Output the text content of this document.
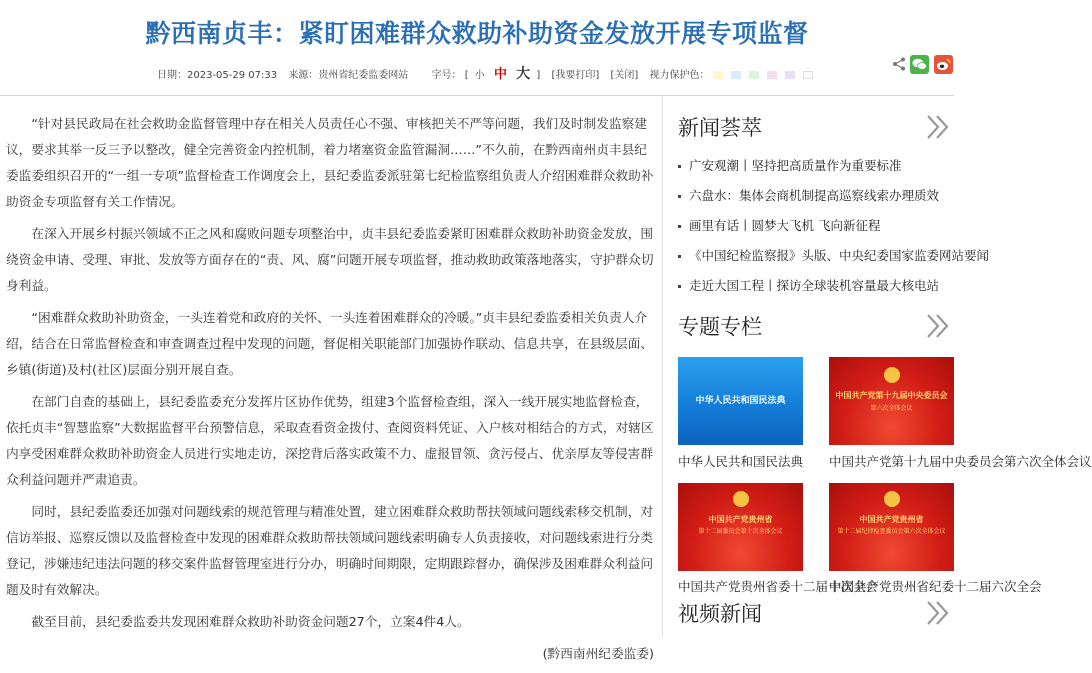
黔西南贞丰：紧盯困难群众救助补助资金发放开展专项监督
日期：2023-05-29 07:33 来源：贵州省纪委监委网站 字号： [ 小 中 大 ] [我要打印] [关闭] 视力保护色：

“针对县民政局在社会救助金监督管理中存在相关人员责任心不强、审核把关不严等问题，我们及时制发监察建议，要求其举一反三予以整改，健全完善资金内控机制，着力堵塞资金监管漏洞……”不久前，在黔西南州贞丰县纪委监委组织召开的“一组一专项”监督检查工作调度会上，县纪委监委派驻第七纪检监察组负责人介绍困难群众救助补助资金专项监督有关工作情况。

在深入开展乡村振兴领域不正之风和腐败问题专项整治中，贞丰县纪委监委紧盯困难群众救助补助资金发放，围绕资金申请、受理、审批、发放等方面存在的“责、风、腐”问题开展专项监督，推动救助政策落地落实，守护群众切身利益。

“困难群众救助补助资金，一头连着党和政府的关怀、一头连着困难群众的冷暖。”贞丰县纪委监委相关负责人介绍，结合在日常监督检查和审查调查过程中发现的问题，督促相关职能部门加强协作联动、信息共享，在县级层面、乡镇(街道)及村(社区)层面分别开展自查。

在部门自查的基础上，县纪委监委充分发挥片区协作优势，组建3个监督检查组，深入一线开展实地监督检查，依托贞丰“智慧监察”大数据监督平台预警信息，采取查看资金拨付、查阅资料凭证、入户核对相结合的方式，对辖区内享受困难群众救助补助资金人员进行实地走访，深挖背后落实政策不力、虚报冒领、贪污侵占、优亲厚友等侵害群众利益问题并严肃追责。

同时，县纪委监委还加强对问题线索的规范管理与精准处置，建立困难群众救助帮扶领域问题线索移交机制，对信访举报、巡察反馈以及监督检查中发现的困难群众救助帮扶领域问题线索明确专人负责接收，对问题线索进行分类登记，涉嫌违纪违法问题的移交案件监督管理室进行分办，明确时间期限，定期跟踪督办，确保涉及困难群众利益问题及时有效解决。

截至目前，县纪委监委共发现困难群众救助补助资金问题27个，立案4件4人。

(黔西南州纪委监委)

新闻荟萃
广安观潮丨坚持把高质量作为重要标准
六盘水：集体会商机制提高巡察线索办理质效
画里有话丨圆梦大飞机 飞向新征程
《中国纪检监察报》头版、中央纪委国家监委网站要闻
走近大国工程丨探访全球装机容量最大核电站
专题专栏
中华人民共和国民法典
中华人民共和国民法典
中国共产党第十九届中央委员会
第六次全体会议
中国共产党第十九届中央委员会第六次全体会议
中国共产党贵州省
第十二届委员会第十次全体会议
中国共产党贵州省委十二届十次全会
中国共产党贵州省
第十二届纪律检查委员会第六次全体会议
中国共产党贵州省纪委十二届六次全会
视频新闻
